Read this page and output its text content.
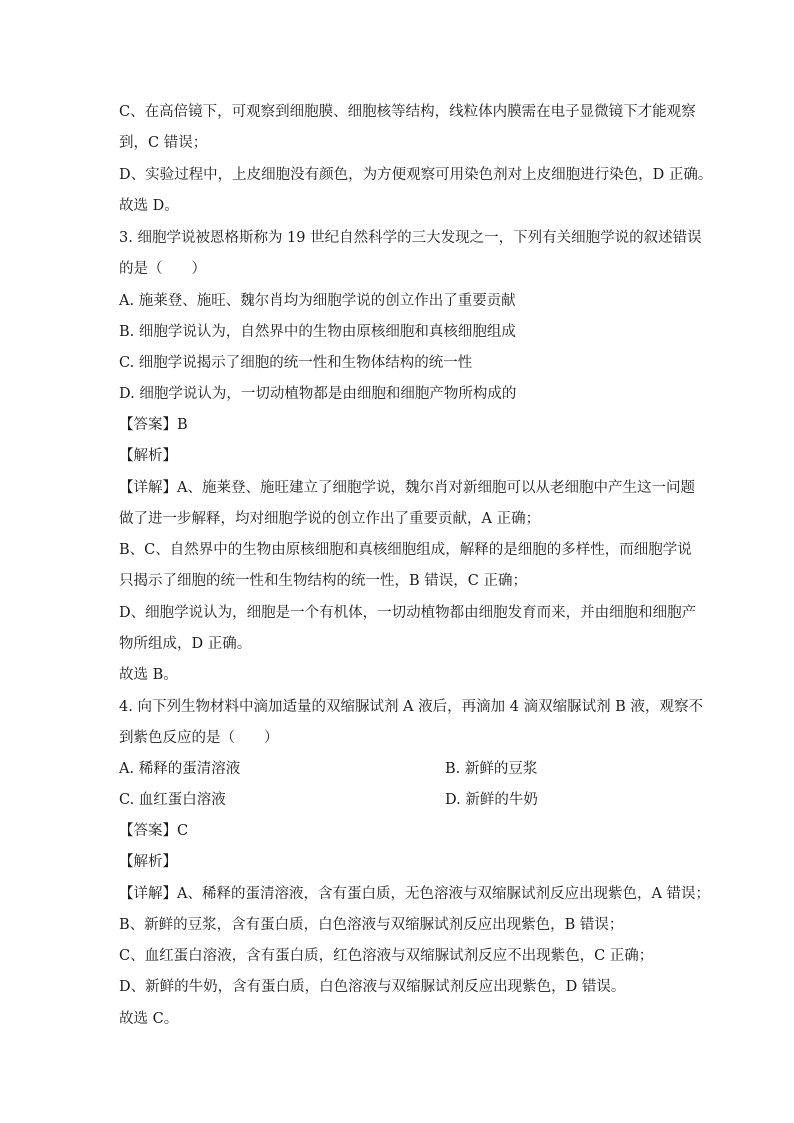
C、在高倍镜下，可观察到细胞膜、细胞核等结构，线粒体内膜需在电子显微镜下才能观察
到，C 错误；
D、实验过程中，上皮细胞没有颜色，为方便观察可用染色剂对上皮细胞进行染色，D 正确。
故选 D。
3. 细胞学说被恩格斯称为 19 世纪自然科学的三大发现之一，下列有关细胞学说的叙述错误
的是（　　）
A. 施莱登、施旺、魏尔肖均为细胞学说的创立作出了重要贡献
B. 细胞学说认为，自然界中的生物由原核细胞和真核细胞组成
C. 细胞学说揭示了细胞的统一性和生物体结构的统一性
D. 细胞学说认为，一切动植物都是由细胞和细胞产物所构成的
【答案】B
【解析】
【详解】A、施莱登、施旺建立了细胞学说，魏尔肖对新细胞可以从老细胞中产生这一问题
做了进一步解释，均对细胞学说的创立作出了重要贡献，A 正确；
B、C、自然界中的生物由原核细胞和真核细胞组成，解释的是细胞的多样性，而细胞学说
只揭示了细胞的统一性和生物结构的统一性，B 错误，C 正确；
D、细胞学说认为，细胞是一个有机体，一切动植物都由细胞发育而来，并由细胞和细胞产
物所组成，D 正确。
故选 B。
4. 向下列生物材料中滴加适量的双缩脲试剂 A 液后，再滴加 4 滴双缩脲试剂 B 液，观察不
到紫色反应的是（　　）
A. 稀释的蛋清溶液	B. 新鲜的豆浆
C. 血红蛋白溶液	D. 新鲜的牛奶
【答案】C
【解析】
【详解】A、稀释的蛋清溶液，含有蛋白质，无色溶液与双缩脲试剂反应出现紫色，A 错误；
B、新鲜的豆浆，含有蛋白质，白色溶液与双缩脲试剂反应出现紫色，B 错误；
C、血红蛋白溶液，含有蛋白质，红色溶液与双缩脲试剂反应不出现紫色，C 正确；
D、新鲜的牛奶，含有蛋白质，白色溶液与双缩脲试剂反应出现紫色，D 错误。
故选 C。
